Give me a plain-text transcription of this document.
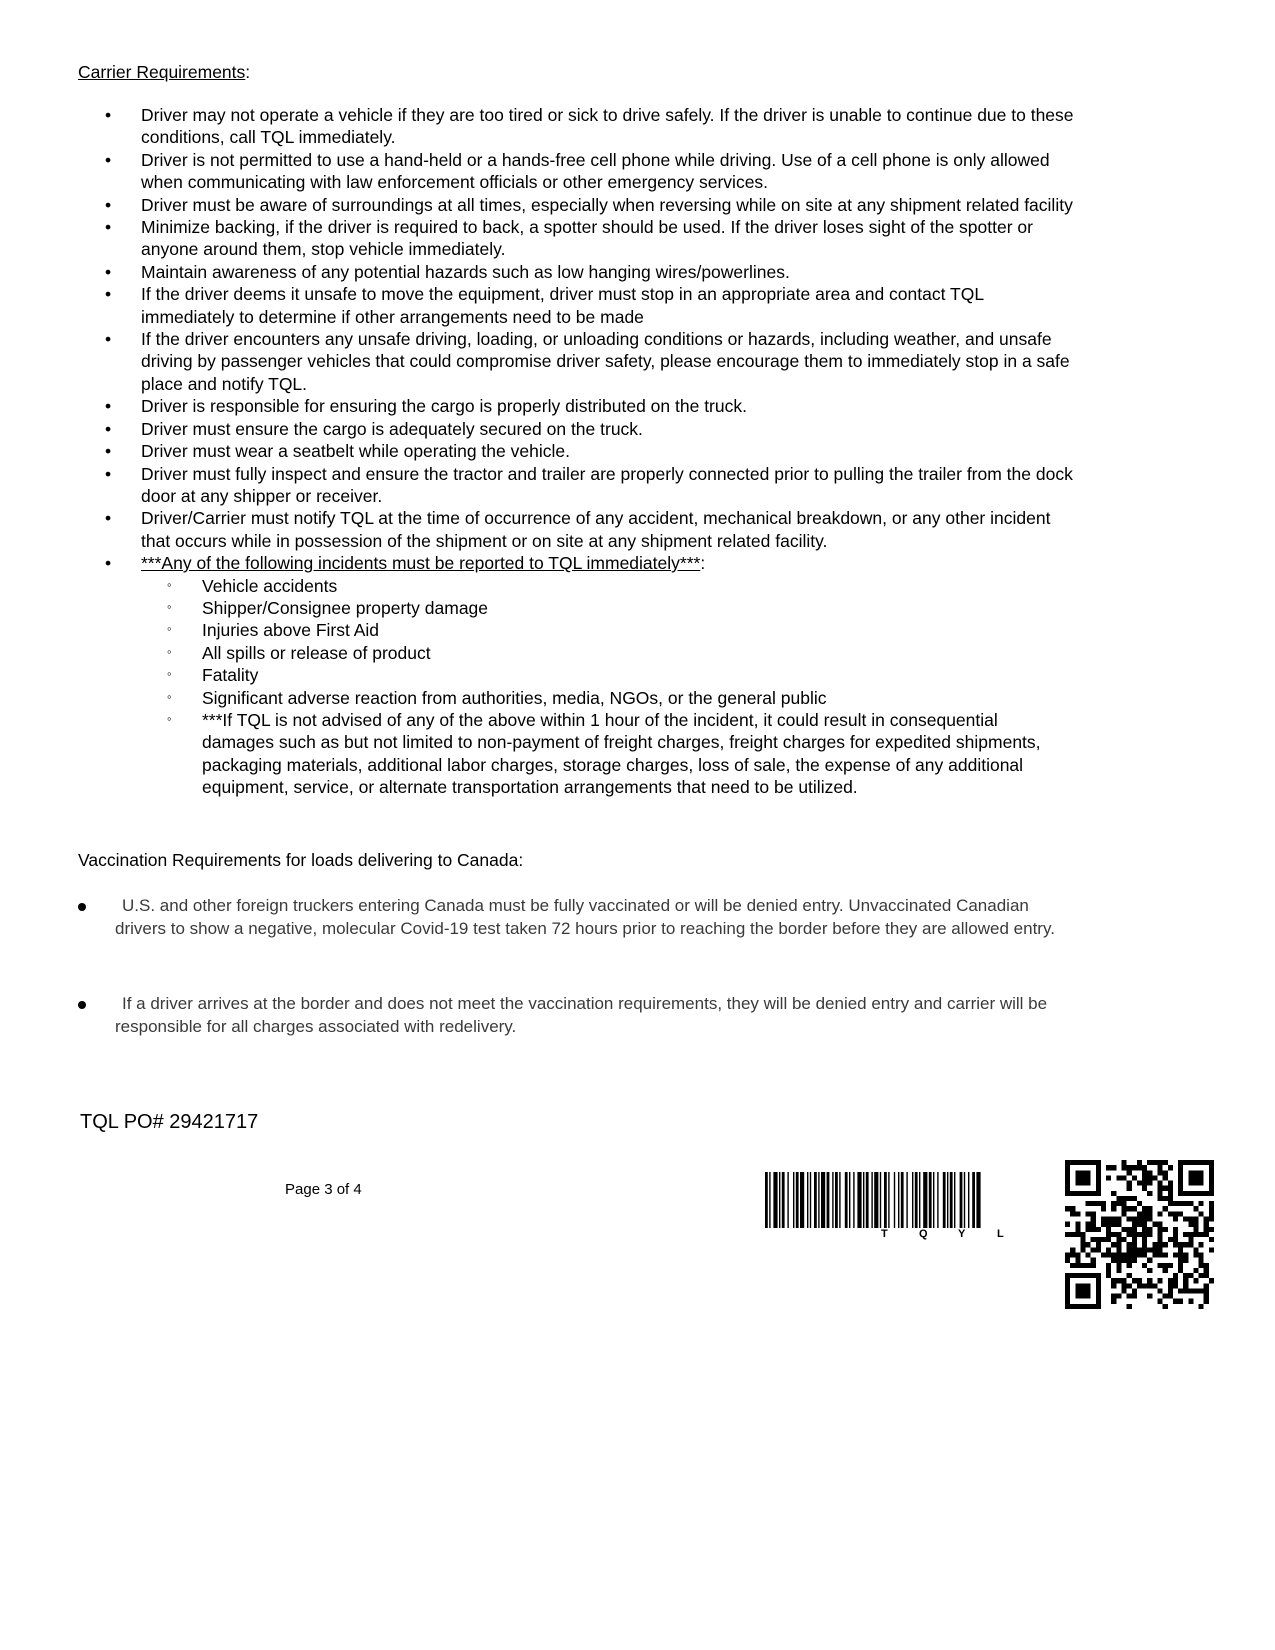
Carrier Requirements:
• Driver may not operate a vehicle if they are too tired or sick to drive safely. If the driver is unable to continue due to these conditions, call TQL immediately.
• Driver is not permitted to use a hand-held or a hands-free cell phone while driving. Use of a cell phone is only allowed when communicating with law enforcement officials or other emergency services.
• Driver must be aware of surroundings at all times, especially when reversing while on site at any shipment related facility
• Minimize backing, if the driver is required to back, a spotter should be used. If the driver loses sight of the spotter or anyone around them, stop vehicle immediately.
• Maintain awareness of any potential hazards such as low hanging wires/powerlines.
• If the driver deems it unsafe to move the equipment, driver must stop in an appropriate area and contact TQL immediately to determine if other arrangements need to be made
• If the driver encounters any unsafe driving, loading, or unloading conditions or hazards, including weather, and unsafe driving by passenger vehicles that could compromise driver safety, please encourage them to immediately stop in a safe place and notify TQL.
• Driver is responsible for ensuring the cargo is properly distributed on the truck.
• Driver must ensure the cargo is adequately secured on the truck.
• Driver must wear a seatbelt while operating the vehicle.
• Driver must fully inspect and ensure the tractor and trailer are properly connected prior to pulling the trailer from the dock door at any shipper or receiver.
• Driver/Carrier must notify TQL at the time of occurrence of any accident, mechanical breakdown, or any other incident that occurs while in possession of the shipment or on site at any shipment related facility.
• ***Any of the following incidents must be reported to TQL immediately***:
◦ Vehicle accidents
◦ Shipper/Consignee property damage
◦ Injuries above First Aid
◦ All spills or release of product
◦ Fatality
◦ Significant adverse reaction from authorities, media, NGOs, or the general public
◦ ***If TQL is not advised of any of the above within 1 hour of the incident, it could result in consequential damages such as but not limited to non-payment of freight charges, freight charges for expedited shipments, packaging materials, additional labor charges, storage charges, loss of sale, the expense of any additional equipment, service, or alternate transportation arrangements that need to be utilized.
Vaccination Requirements for loads delivering to Canada:
U.S. and other foreign truckers entering Canada must be fully vaccinated or will be denied entry. Unvaccinated Canadian drivers to show a negative, molecular Covid-19 test taken 72 hours prior to reaching the border before they are allowed entry.
If a driver arrives at the border and does not meet the vaccination requirements, they will be denied entry and carrier will be responsible for all charges associated with redelivery.
TQL PO# 29421717
Page 3 of 4
T	Q	Y	L
